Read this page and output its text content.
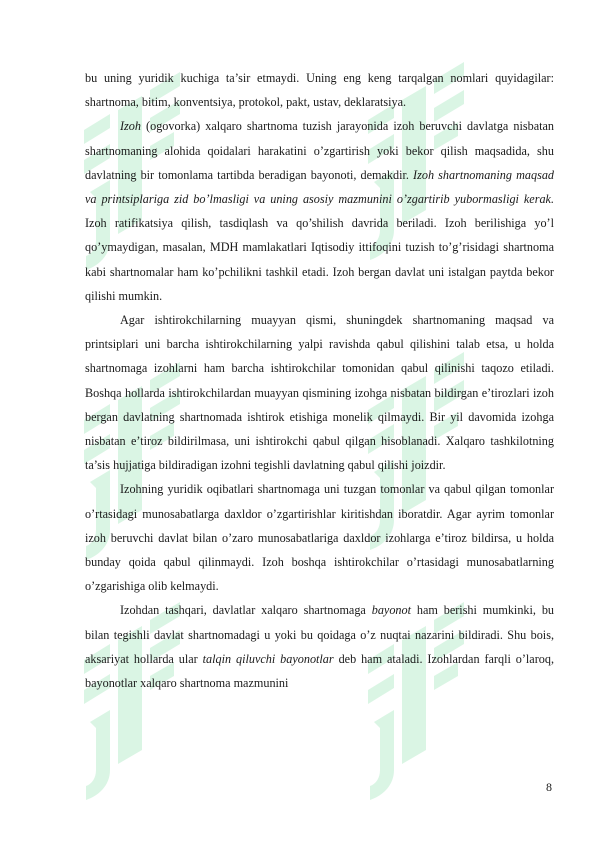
bu uning yuridik kuchiga ta’sir etmaydi. Uning eng keng tarqalgan nomlari quyidagilar: shartnoma, bitim, konventsiya, protokol, pakt, ustav, deklaratsiya.

Izoh (ogovorka) xalqaro shartnoma tuzish jarayonida izoh beruvchi davlatga nisbatan shartnomaning alohida qoidalari harakatini o’zgartirish yoki bekor qilish maqsadida, shu davlatning bir tomonlama tartibda beradigan bayonoti, demakdir. Izoh shartnomaning maqsad va printsiplariga zid bo’lmasligi va uning asosiy mazmunini o’zgartirib yubormasligi kerak. Izoh ratifikatsiya qilish, tasdiqlash va qo’shilish davrida beriladi. Izoh berilishiga yo’l qo’ymaydigan, masalan, MDH mamlakatlari Iqtisodiy ittifoqini tuzish to’g’risidagi shartnoma kabi shartnomalar ham ko’pchilikni tashkil etadi. Izoh bergan davlat uni istalgan paytda bekor qilishi mumkin.

Agar ishtirokchilarning muayyan qismi, shuningdek shartnomaning maqsad va printsiplari uni barcha ishtirokchilarning yalpi ravishda qabul qilishini talab etsa, u holda shartnomaga izohlarni ham barcha ishtirokchilar tomonidan qabul qilinishi taqozo etiladi. Boshqa hollarda ishtirokchilardan muayyan qismining izohga nisbatan bildirgan e’tirozlari izoh bergan davlatning shartnomada ishtirok etishiga monelik qilmaydi. Bir yil davomida izohga nisbatan e’tiroz bildirilmasa, uni ishtirokchi qabul qilgan hisoblanadi. Xalqaro tashkilotning ta’sis hujjatiga bildiradigan izohni tegishli davlatning qabul qilishi joizdir.

Izohning yuridik oqibatlari shartnomaga uni tuzgan tomonlar va qabul qilgan tomonlar o’rtasidagi munosabatlarga daxldor o’zgartirishlar kiritishdan iboratdir. Agar ayrim tomonlar izoh beruvchi davlat bilan o’zaro munosabatlariga daxldor izohlarga e’tiroz bildirsa, u holda bunday qoida qabul qilinmaydi. Izoh boshqa ishtirokchilar o’rtasidagi munosabatlarning o’zgarishiga olib kelmaydi.

Izohdan tashqari, davlatlar xalqaro shartnomaga bayonot ham berishi mumkinki, bu bilan tegishli davlat shartnomadagi u yoki bu qoidaga o’z nuqtai nazarini bildiradi. Shu bois, aksariyat hollarda ular talqin qiluvchi bayonotlar deb ham ataladi. Izohlardan farqli o’laroq, bayonotlar xalqaro shartnoma mazmunini

8
